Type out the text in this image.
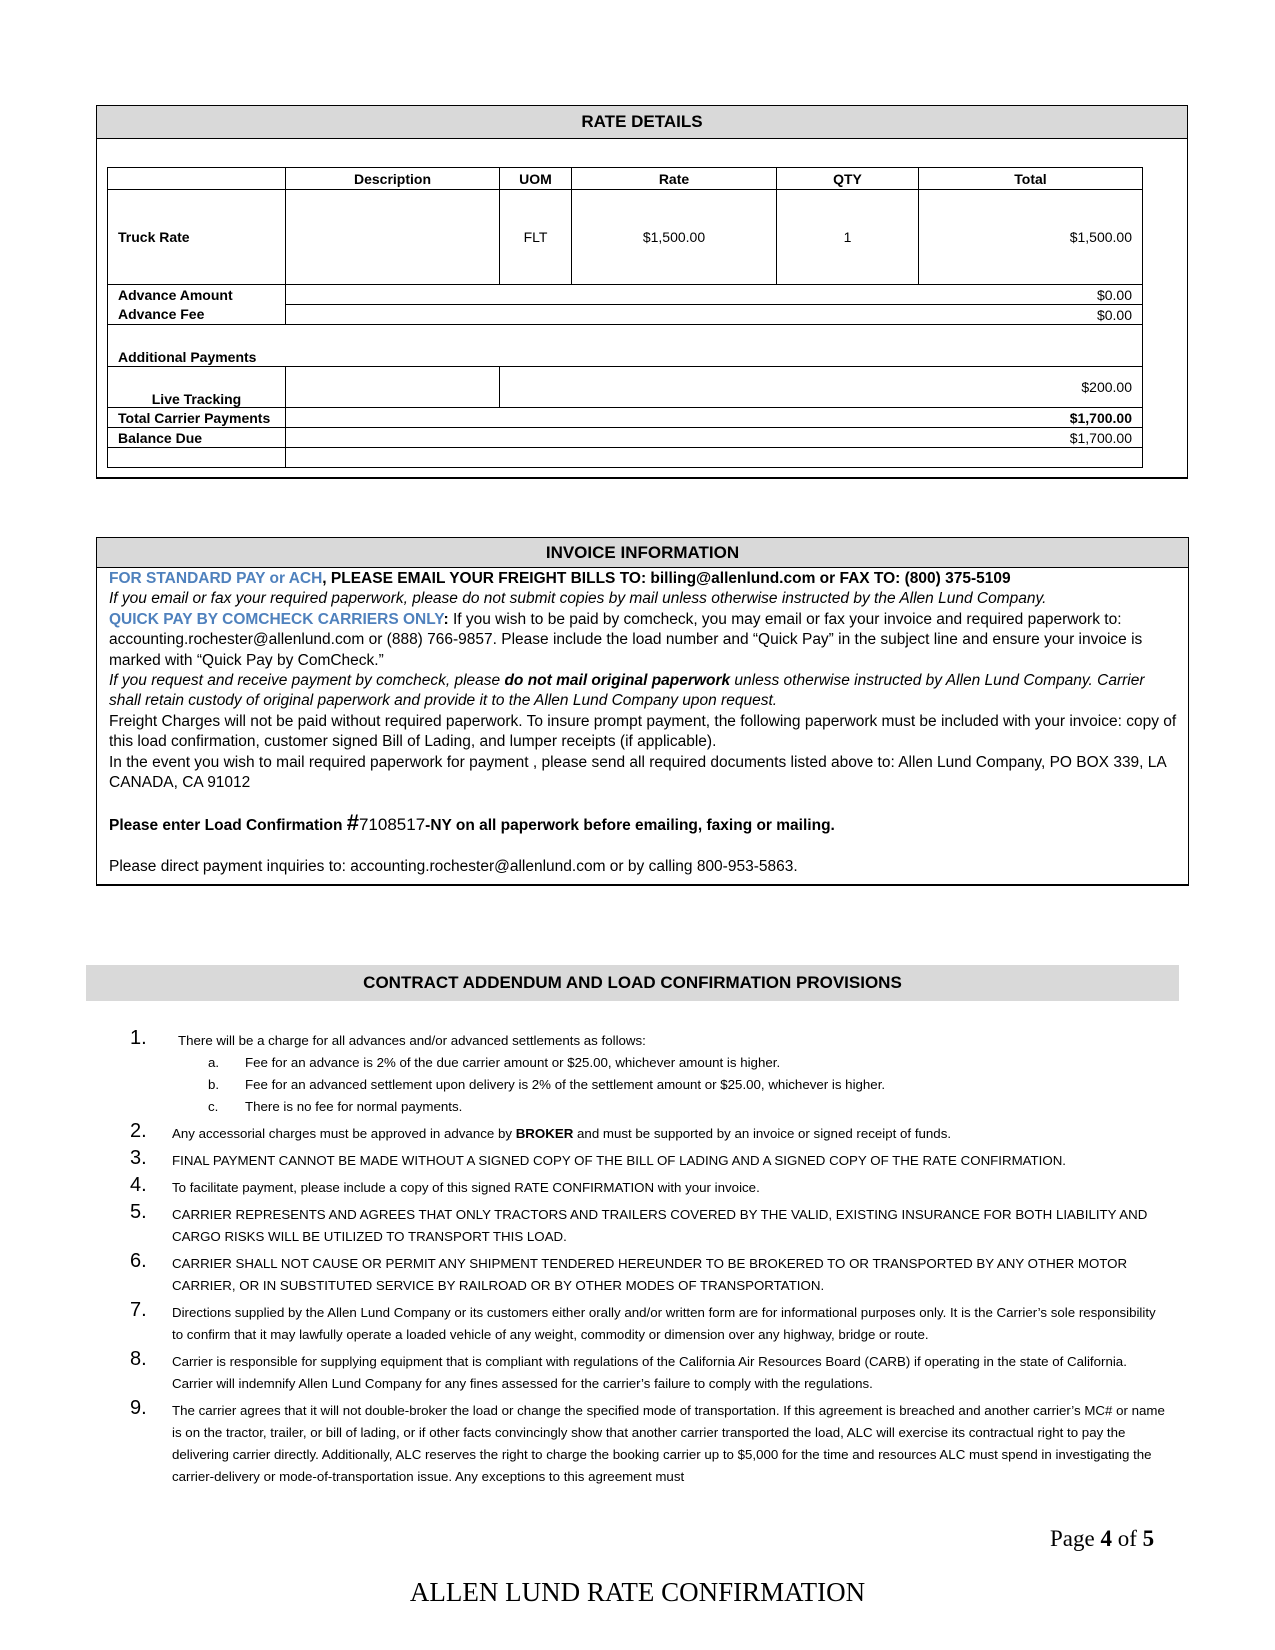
RATE DETAILS
	Description	UOM	Rate	QTY	Total
Truck Rate		FLT	$1,500.00	1	$1,500.00
Advance Amount	$0.00				
Advance Fee	$0.00				
Additional Payments					
Live Tracking		$200.00			
Total Carrier Payments	$1,700.00				
Balance Due	$1,700.00				

INVOICE INFORMATION
FOR STANDARD PAY or ACH, PLEASE EMAIL YOUR FREIGHT BILLS TO: billing@allenlund.com or FAX TO: (800) 375-5109
If you email or fax your required paperwork, please do not submit copies by mail unless otherwise instructed by the Allen Lund Company.
QUICK PAY BY COMCHECK CARRIERS ONLY: If you wish to be paid by comcheck, you may email or fax your invoice and required paperwork to: accounting.rochester@allenlund.com or (888) 766-9857. Please include the load number and “Quick Pay” in the subject line and ensure your invoice is marked with “Quick Pay by ComCheck.”
If you request and receive payment by comcheck, please do not mail original paperwork unless otherwise instructed by Allen Lund Company. Carrier shall retain custody of original paperwork and provide it to the Allen Lund Company upon request.
Freight Charges will not be paid without required paperwork. To insure prompt payment, the following paperwork must be included with your invoice: copy of this load confirmation, customer signed Bill of Lading, and lumper receipts (if applicable).
In the event you wish to mail required paperwork for payment , please send all required documents listed above to: Allen Lund Company, PO BOX 339, LA CANADA, CA 91012
Please enter Load Confirmation #7108517-NY on all paperwork before emailing, faxing or mailing.
Please direct payment inquiries to: accounting.rochester@allenlund.com or by calling 800-953-5863.
CONTRACT ADDENDUM AND LOAD CONFIRMATION PROVISIONS
1. There will be a charge for all advances and/or advanced settlements as follows:
a. Fee for an advance is 2% of the due carrier amount or $25.00, whichever amount is higher.
b. Fee for an advanced settlement upon delivery is 2% of the settlement amount or $25.00, whichever is higher.
c. There is no fee for normal payments.
2. Any accessorial charges must be approved in advance by BROKER and must be supported by an invoice or signed receipt of funds.
3. FINAL PAYMENT CANNOT BE MADE WITHOUT A SIGNED COPY OF THE BILL OF LADING AND A SIGNED COPY OF THE RATE CONFIRMATION.
4. To facilitate payment, please include a copy of this signed RATE CONFIRMATION with your invoice.
5. CARRIER REPRESENTS AND AGREES THAT ONLY TRACTORS AND TRAILERS COVERED BY THE VALID, EXISTING INSURANCE FOR BOTH LIABILITY AND CARGO RISKS WILL BE UTILIZED TO TRANSPORT THIS LOAD.
6. CARRIER SHALL NOT CAUSE OR PERMIT ANY SHIPMENT TENDERED HEREUNDER TO BE BROKERED TO OR TRANSPORTED BY ANY OTHER MOTOR CARRIER, OR IN SUBSTITUTED SERVICE BY RAILROAD OR BY OTHER MODES OF TRANSPORTATION.
7. Directions supplied by the Allen Lund Company or its customers either orally and/or written form are for informational purposes only. It is the Carrier’s sole responsibility to confirm that it may lawfully operate a loaded vehicle of any weight, commodity or dimension over any highway, bridge or route.
8. Carrier is responsible for supplying equipment that is compliant with regulations of the California Air Resources Board (CARB) if operating in the state of California. Carrier will indemnify Allen Lund Company for any fines assessed for the carrier’s failure to comply with the regulations.
9. The carrier agrees that it will not double-broker the load or change the specified mode of transportation. If this agreement is breached and another carrier’s MC# or name is on the tractor, trailer, or bill of lading, or if other facts convincingly show that another carrier transported the load, ALC will exercise its contractual right to pay the delivering carrier directly. Additionally, ALC reserves the right to charge the booking carrier up to $5,000 for the time and resources ALC must spend in investigating the carrier-delivery or mode-of-transportation issue. Any exceptions to this agreement must
Page 4 of 5
ALLEN LUND RATE CONFIRMATION
